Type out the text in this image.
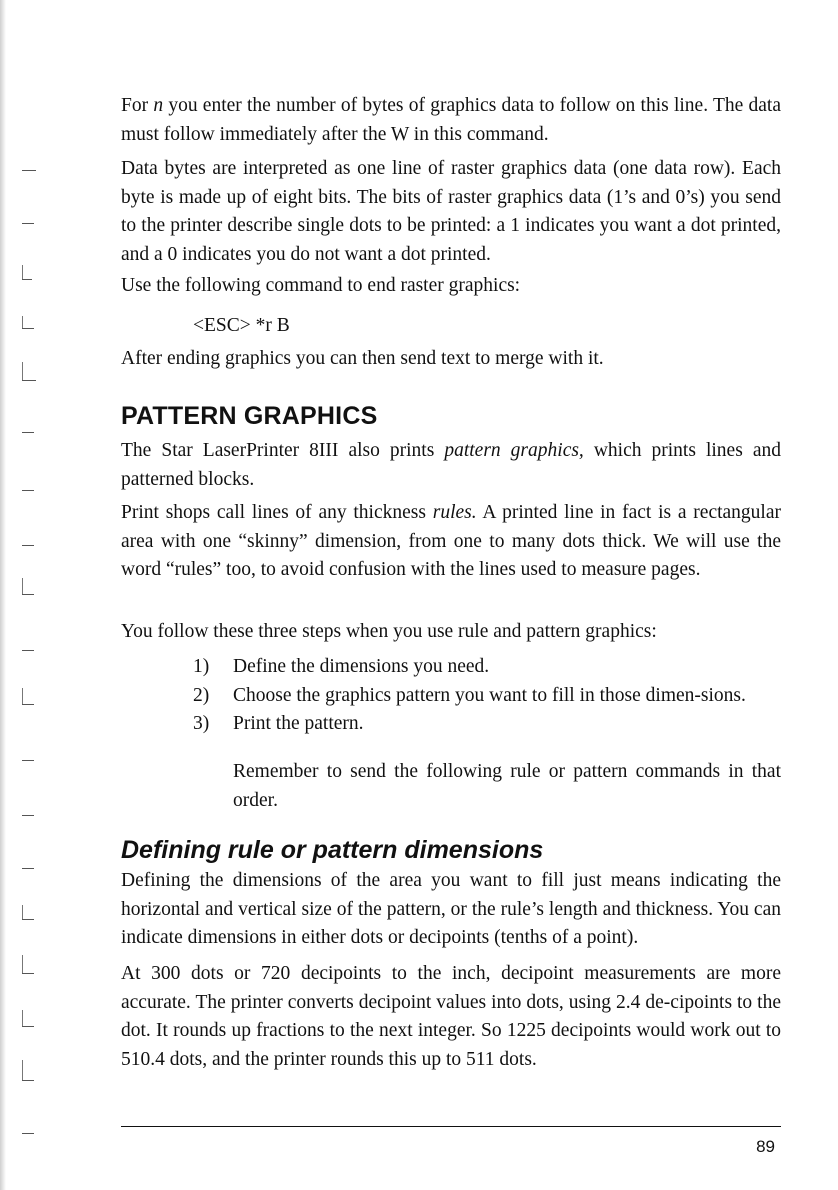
For n you enter the number of bytes of graphics data to follow on this line. The data must follow immediately after the W in this command.

Data bytes are interpreted as one line of raster graphics data (one data row). Each byte is made up of eight bits. The bits of raster graphics data (1’s and 0’s) you send to the printer describe single dots to be printed: a 1 indicates you want a dot printed, and a 0 indicates you do not want a dot printed.

Use the following command to end raster graphics:

<ESC> *r B

After ending graphics you can then send text to merge with it.

PATTERN GRAPHICS

The Star LaserPrinter 8III also prints pattern graphics, which prints lines and patterned blocks.

Print shops call lines of any thickness rules. A printed line in fact is a rectangular area with one “skinny” dimension, from one to many dots thick. We will use the word “rules” too, to avoid confusion with the lines used to measure pages.

You follow these three steps when you use rule and pattern graphics:

1)	Define the dimensions you need.
2)	Choose the graphics pattern you want to fill in those dimen-sions.
3)	Print the pattern.
Remember to send the following rule or pattern commands in that order.
Defining rule or pattern dimensions

Defining the dimensions of the area you want to fill just means indicating the horizontal and vertical size of the pattern, or the rule’s length and thickness. You can indicate dimensions in either dots or decipoints (tenths of a point).

At 300 dots or 720 decipoints to the inch, decipoint measurements are more accurate. The printer converts decipoint values into dots, using 2.4 de-cipoints to the dot. It rounds up fractions to the next integer. So 1225 decipoints would work out to 510.4 dots, and the printer rounds this up to 511 dots.

89
